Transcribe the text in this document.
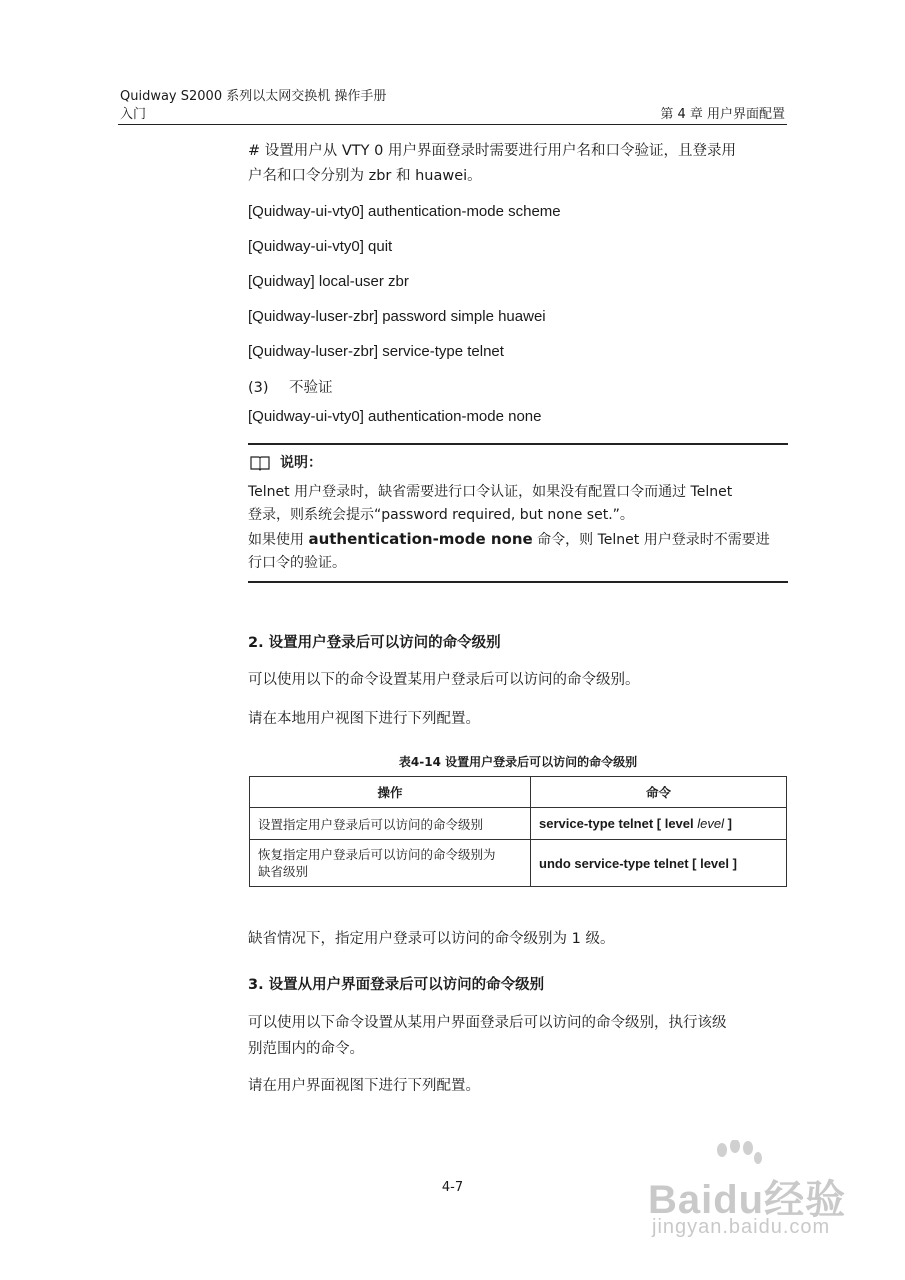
Quidway S2000 系列以太网交换机 操作手册
入门	第 4 章 用户界面配置
# 设置用户从 VTY 0 用户界面登录时需要进行用户名和口令验证，且登录用
户名和口令分别为 zbr 和 huawei。
[Quidway-ui-vty0] authentication-mode scheme
[Quidway-ui-vty0] quit
[Quidway] local-user zbr
[Quidway-luser-zbr] password simple huawei
[Quidway-luser-zbr] service-type telnet
(3) 不验证
[Quidway-ui-vty0] authentication-mode none
说明：
Telnet 用户登录时，缺省需要进行口令认证，如果没有配置口令而通过 Telnet
登录，则系统会提示“password required, but none set.”。
如果使用 authentication-mode none 命令，则 Telnet 用户登录时不需要进
行口令的验证。
2. 设置用户登录后可以访问的命令级别
可以使用以下的命令设置某用户登录后可以访问的命令级别。
请在本地用户视图下进行下列配置。
表4-14 设置用户登录后可以访问的命令级别
操作	命令
设置指定用户登录后可以访问的命令级别	service-type telnet [ level level ]

恢复指定用户登录后可以访问的命令级别为
缺省级别	undo service-type telnet [ level ]
缺省情况下，指定用户登录可以访问的命令级别为 1 级。
3. 设置从用户界面登录后可以访问的命令级别
可以使用以下命令设置从某用户界面登录后可以访问的命令级别，执行该级
别范围内的命令。
请在用户界面视图下进行下列配置。
4-7	Baidu经验
jingyan.baidu.com
